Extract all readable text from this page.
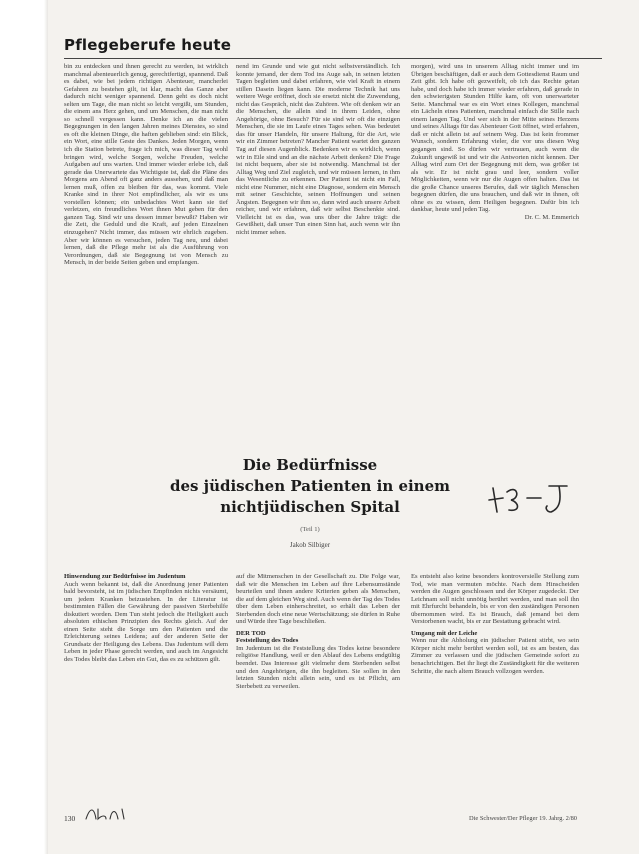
Pflegeberufe heute

bin zu entdecken und ihnen gerecht zu werden, ist wirklich manchmal abenteuerlich genug, gerechtfertigt, spannend. Daß es dabei, wie bei jedem richtigen Abenteuer, mancherlei Gefahren zu bestehen gilt, ist klar, macht das Ganze aber dadurch nicht weniger spannend. Denn geht es doch nicht selten um Tage, die man nicht so leicht vergißt, um Stunden, die einem ans Herz gehen, und um Menschen, die man nicht so schnell vergessen kann. Denke ich an die vielen Begegnungen in den langen Jahren meines Dienstes, so sind es oft die kleinen Dinge, die haften geblieben sind: ein Blick, ein Wort, eine stille Geste des Dankes. Jeden Morgen, wenn ich die Station betrete, frage ich mich, was dieser Tag wohl bringen wird, welche Sorgen, welche Freuden, welche Aufgaben auf uns warten. Und immer wieder erlebe ich, daß gerade das Unerwartete das Wichtigste ist, daß die Pläne des Morgens am Abend oft ganz anders aussehen, und daß man lernen muß, offen zu bleiben für das, was kommt. Viele Kranke sind in ihrer Not empfindlicher, als wir es uns vorstellen können; ein unbedachtes Wort kann sie tief verletzen, ein freundliches Wort ihnen Mut geben für den ganzen Tag. Sind wir uns dessen immer bewußt? Haben wir die Zeit, die Geduld und die Kraft, auf jeden Einzelnen einzugehen? Nicht immer, das müssen wir ehrlich zugeben. Aber wir können es versuchen, jeden Tag neu, und dabei lernen, daß die Pflege mehr ist als die Ausführung von Verordnungen, daß sie Begegnung ist von Mensch zu Mensch, in der beide Seiten geben und empfangen.

nend im Grunde und wie gut nicht selbstverständlich. Ich konnte jemand, der dem Tod ins Auge sah, in seinen letzten Tagen begleiten und dabei erfahren, wie viel Kraft in einem stillen Dasein liegen kann. Die moderne Technik hat uns weitere Wege eröffnet, doch sie ersetzt nicht die Zuwendung, nicht das Gespräch, nicht das Zuhören. Wie oft denken wir an die Menschen, die allein sind in ihrem Leiden, ohne Angehörige, ohne Besuch? Für sie sind wir oft die einzigen Menschen, die sie im Laufe eines Tages sehen. Was bedeutet das für unser Handeln, für unsere Haltung, für die Art, wie wir ein Zimmer betreten? Mancher Patient wartet den ganzen Tag auf diesen Augenblick. Bedenken wir es wirklich, wenn wir in Eile sind und an die nächste Arbeit denken? Die Frage ist nicht bequem, aber sie ist notwendig. Manchmal ist der Alltag Weg und Ziel zugleich, und wir müssen lernen, in ihm das Wesentliche zu erkennen. Der Patient ist nicht ein Fall, nicht eine Nummer, nicht eine Diagnose, sondern ein Mensch mit seiner Geschichte, seinen Hoffnungen und seinen Ängsten. Begegnen wir ihm so, dann wird auch unsere Arbeit reicher, und wir erfahren, daß wir selbst Beschenkte sind. Vielleicht ist es das, was uns über die Jahre trägt: die Gewißheit, daß unser Tun einen Sinn hat, auch wenn wir ihn nicht immer sehen.

morgen), wird uns in unserem Alltag nicht immer und im Übrigen beschäftigen, daß er auch dem Gottesdienst Raum und Zeit gibt. Ich habe oft gezweifelt, ob ich das Rechte getan habe, und doch habe ich immer wieder erfahren, daß gerade in den schwierigsten Stunden Hilfe kam, oft von unerwarteter Seite. Manchmal war es ein Wort eines Kollegen, manchmal ein Lächeln eines Patienten, manchmal einfach die Stille nach einem langen Tag. Und wer sich in der Mitte seines Herzens und seines Alltags für das Abenteuer Gott öffnet, wird erfahren, daß er nicht allein ist auf seinem Weg. Das ist kein frommer Wunsch, sondern Erfahrung vieler, die vor uns diesen Weg gegangen sind. So dürfen wir vertrauen, auch wenn die Zukunft ungewiß ist und wir die Antworten nicht kennen. Der Alltag wird zum Ort der Begegnung mit dem, was größer ist als wir. Er ist nicht grau und leer, sondern voller Möglichkeiten, wenn wir nur die Augen offen halten. Das ist die große Chance unseres Berufes, daß wir täglich Menschen begegnen dürfen, die uns brauchen, und daß wir in ihnen, oft ohne es zu wissen, dem Heiligen begegnen. Dafür bin ich dankbar, heute und jeden Tag.

Dr. C. M. Emmerich

Die Bedürfnisse
des jüdischen Patienten in einem
nichtjüdischen Spital
(Teil 1)
Jakob Silbiger

Hinwendung zur Bedürfnisse im Judentum

Auch wenn bekannt ist, daß die Anordnung jener Patienten bald bevorsteht, ist im jüdischen Empfinden nichts versäumt, um jedem Kranken beizustehen. In der Literatur ist bestimmten Fällen die Gewährung der passiven Sterbehilfe diskutiert worden. Dem Tun steht jedoch die Heiligkeit auch absoluten ethischen Prinzipien des Rechts gleich. Auf der einen Seite steht die Sorge um den Patienten und die Erleichterung seines Leidens; auf der anderen Seite der Grundsatz der Heiligung des Lebens. Das Judentum will dem Leben in jeder Phase gerecht werden, und auch im Angesicht des Todes bleibt das Leben ein Gut, das es zu schützen gilt.

auf die Mitmenschen in der Gesellschaft zu. Die Folge war, daß wir die Menschen im Leben auf ihre Lebensumstände beurteilen und ihnen andere Kriterien geben als Menschen, die auf dem gleichen Weg sind. Auch wenn der Tag des Todes über dem Leben einherschreitet, so erhält das Leben der Sterbenden doch eine neue Wertschätzung; sie dürfen in Ruhe und Würde ihre Tage beschließen.

DER TOD

Feststellung des Todes

Im Judentum ist die Feststellung des Todes keine besondere religiöse Handlung, weil er den Ablauf des Lebens endgültig beendet. Das Interesse gilt vielmehr dem Sterbenden selbst und den Angehörigen, die ihn begleiten. Sie sollen in den letzten Stunden nicht allein sein, und es ist Pflicht, am Sterbebett zu verweilen.

Es entsteht also keine besonders kontroversielle Stellung zum Tod, wie man vermuten möchte. Nach dem Hinscheiden werden die Augen geschlossen und der Körper zugedeckt. Der Leichnam soll nicht unnötig berührt werden, und man soll ihn mit Ehrfurcht behandeln, bis er von den zuständigen Personen übernommen wird. Es ist Brauch, daß jemand bei dem Verstorbenen wacht, bis er zur Bestattung gebracht wird.

Umgang mit der Leiche

Wenn nur die Abholung ein jüdischer Patient stirbt, wo sein Körper nicht mehr berührt werden soll, ist es am besten, das Zimmer zu verlassen und die jüdischen Gemeinde sofort zu benachrichtigen. Bei ihr liegt die Zuständigkeit für die weiteren Schritte, die nach altem Brauch vollzogen werden.

130	Die Schwester/Der Pfleger 19. Jahrg. 2/80
